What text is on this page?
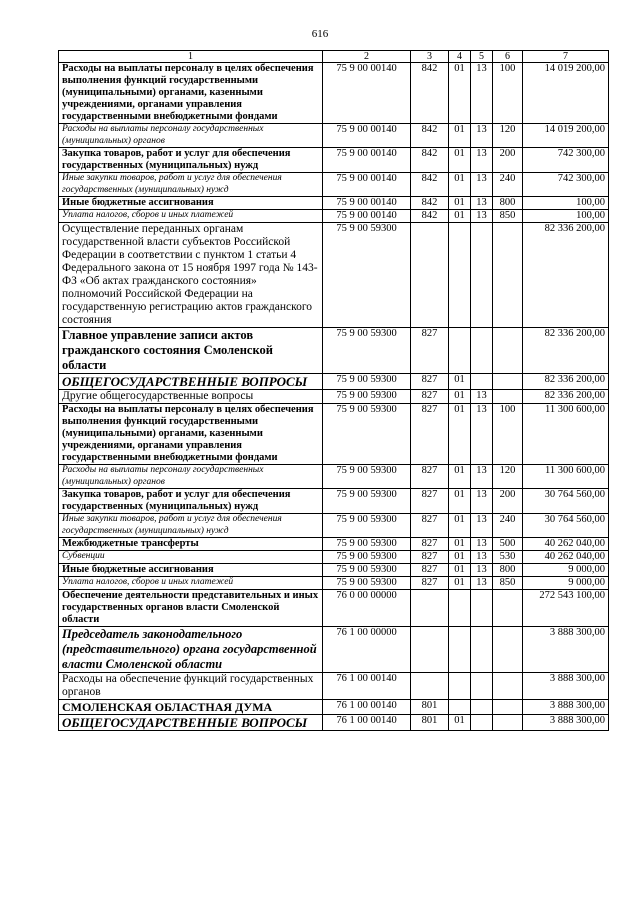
616
1	2	3	4	5	6	7
Расходы на выплаты персоналу в целях обеспечения выполнения функций государственными (муниципальными) органами, казенными учреждениями, органами управления государственными внебюджетными фондами	75 9 00 00140	842	01	13	100	14 019 200,00
Расходы на выплаты персоналу государственных (муниципальных) органов	75 9 00 00140	842	01	13	120	14 019 200,00
Закупка товаров, работ и услуг для обеспечения государственных (муниципальных) нужд	75 9 00 00140	842	01	13	200	742 300,00
Иные закупки товаров, работ и услуг для обеспечения государственных (муниципальных) нужд	75 9 00 00140	842	01	13	240	742 300,00
Иные бюджетные ассигнования	75 9 00 00140	842	01	13	800	100,00
Уплата налогов, сборов и иных платежей	75 9 00 00140	842	01	13	850	100,00
Осуществление переданных органам государственной власти субъектов Российской Федерации в соответствии с пунктом 1 статьи 4 Федерального закона от 15 ноября 1997 года № 143-ФЗ «Об актах гражданского состояния» полномочий Российской Федерации на государственную регистрацию актов гражданского состояния	75 9 00 59300					82 336 200,00
Главное управление записи актов гражданского состояния Смоленской области	75 9 00 59300	827				82 336 200,00
ОБЩЕГОСУДАРСТВЕННЫЕ ВОПРОСЫ	75 9 00 59300	827	01			82 336 200,00
Другие общегосударственные вопросы	75 9 00 59300	827	01	13		82 336 200,00
Расходы на выплаты персоналу в целях обеспечения выполнения функций государственными (муниципальными) органами, казенными учреждениями, органами управления государственными внебюджетными фондами	75 9 00 59300	827	01	13	100	11 300 600,00
Расходы на выплаты персоналу государственных (муниципальных) органов	75 9 00 59300	827	01	13	120	11 300 600,00
Закупка товаров, работ и услуг для обеспечения государственных (муниципальных) нужд	75 9 00 59300	827	01	13	200	30 764 560,00
Иные закупки товаров, работ и услуг для обеспечения государственных (муниципальных) нужд	75 9 00 59300	827	01	13	240	30 764 560,00
Межбюджетные трансферты	75 9 00 59300	827	01	13	500	40 262 040,00
Субвенции	75 9 00 59300	827	01	13	530	40 262 040,00
Иные бюджетные ассигнования	75 9 00 59300	827	01	13	800	9 000,00
Уплата налогов, сборов и иных платежей	75 9 00 59300	827	01	13	850	9 000,00
Обеспечение деятельности представительных и иных государственных органов власти Смоленской области	76 0 00 00000					272 543 100,00
Председатель законодательного (представительного) органа государственной власти Смоленской области	76 1 00 00000					3 888 300,00
Расходы на обеспечение функций государственных органов	76 1 00 00140					3 888 300,00
СМОЛЕНСКАЯ ОБЛАСТНАЯ ДУМА	76 1 00 00140	801				3 888 300,00
ОБЩЕГОСУДАРСТВЕННЫЕ ВОПРОСЫ	76 1 00 00140	801	01			3 888 300,00
